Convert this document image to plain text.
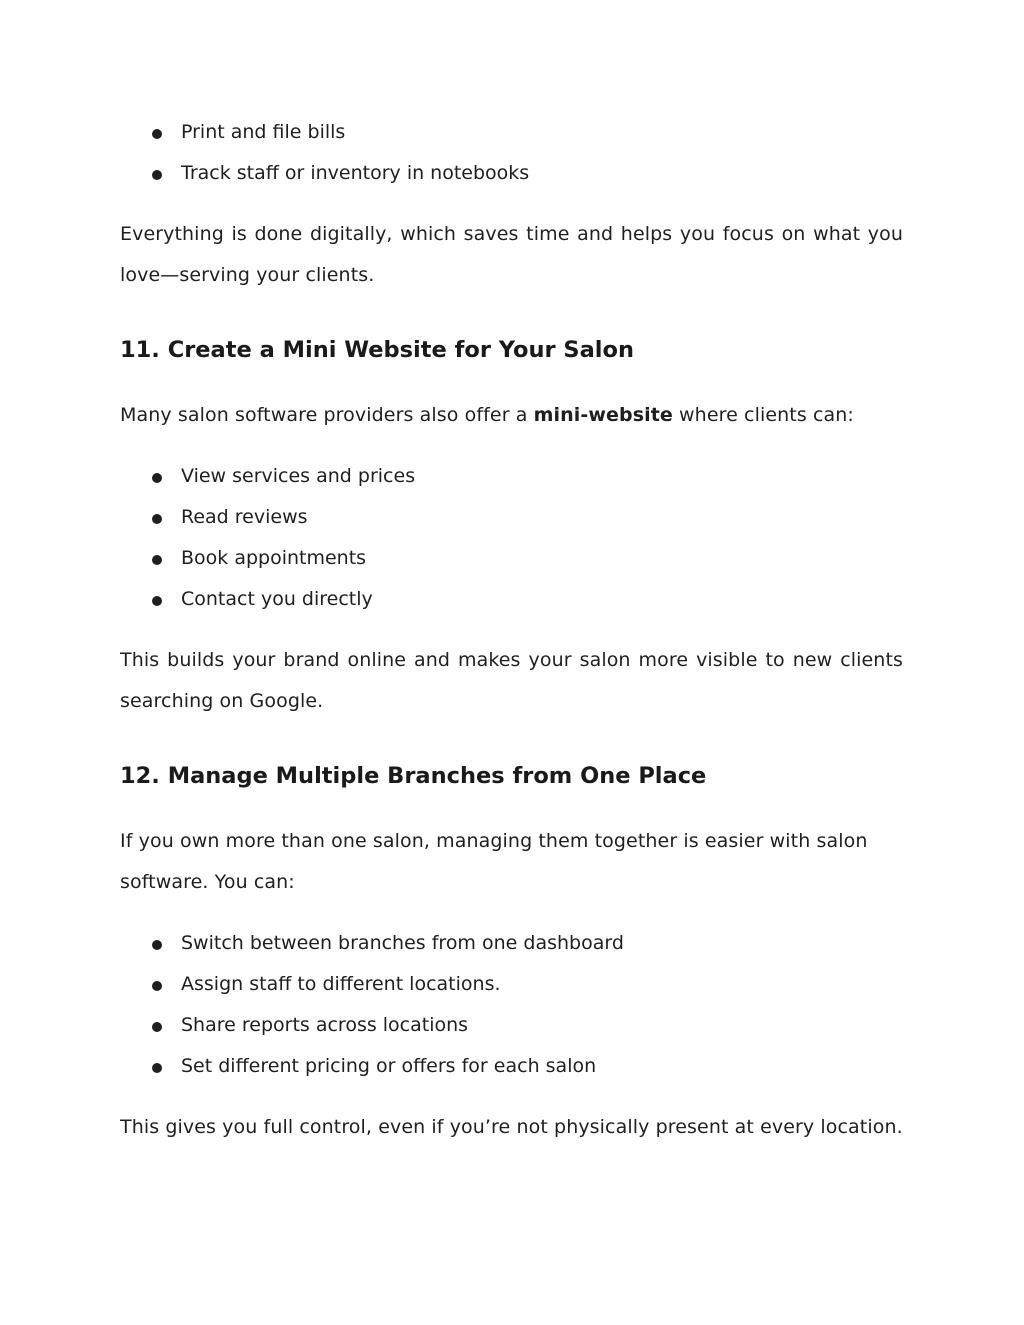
Print and file bills
Track staff or inventory in notebooks

Everything is done digitally, which saves time and helps you focus on what you love—serving your clients.

11. Create a Mini Website for Your Salon

Many salon software providers also offer a mini-website where clients can:

View services and prices
Read reviews
Book appointments
Contact you directly

This builds your brand online and makes your salon more visible to new clients searching on Google.

12. Manage Multiple Branches from One Place

If you own more than one salon, managing them together is easier with salon software. You can:

Switch between branches from one dashboard
Assign staff to different locations.
Share reports across locations
Set different pricing or offers for each salon

This gives you full control, even if you’re not physically present at every location.
